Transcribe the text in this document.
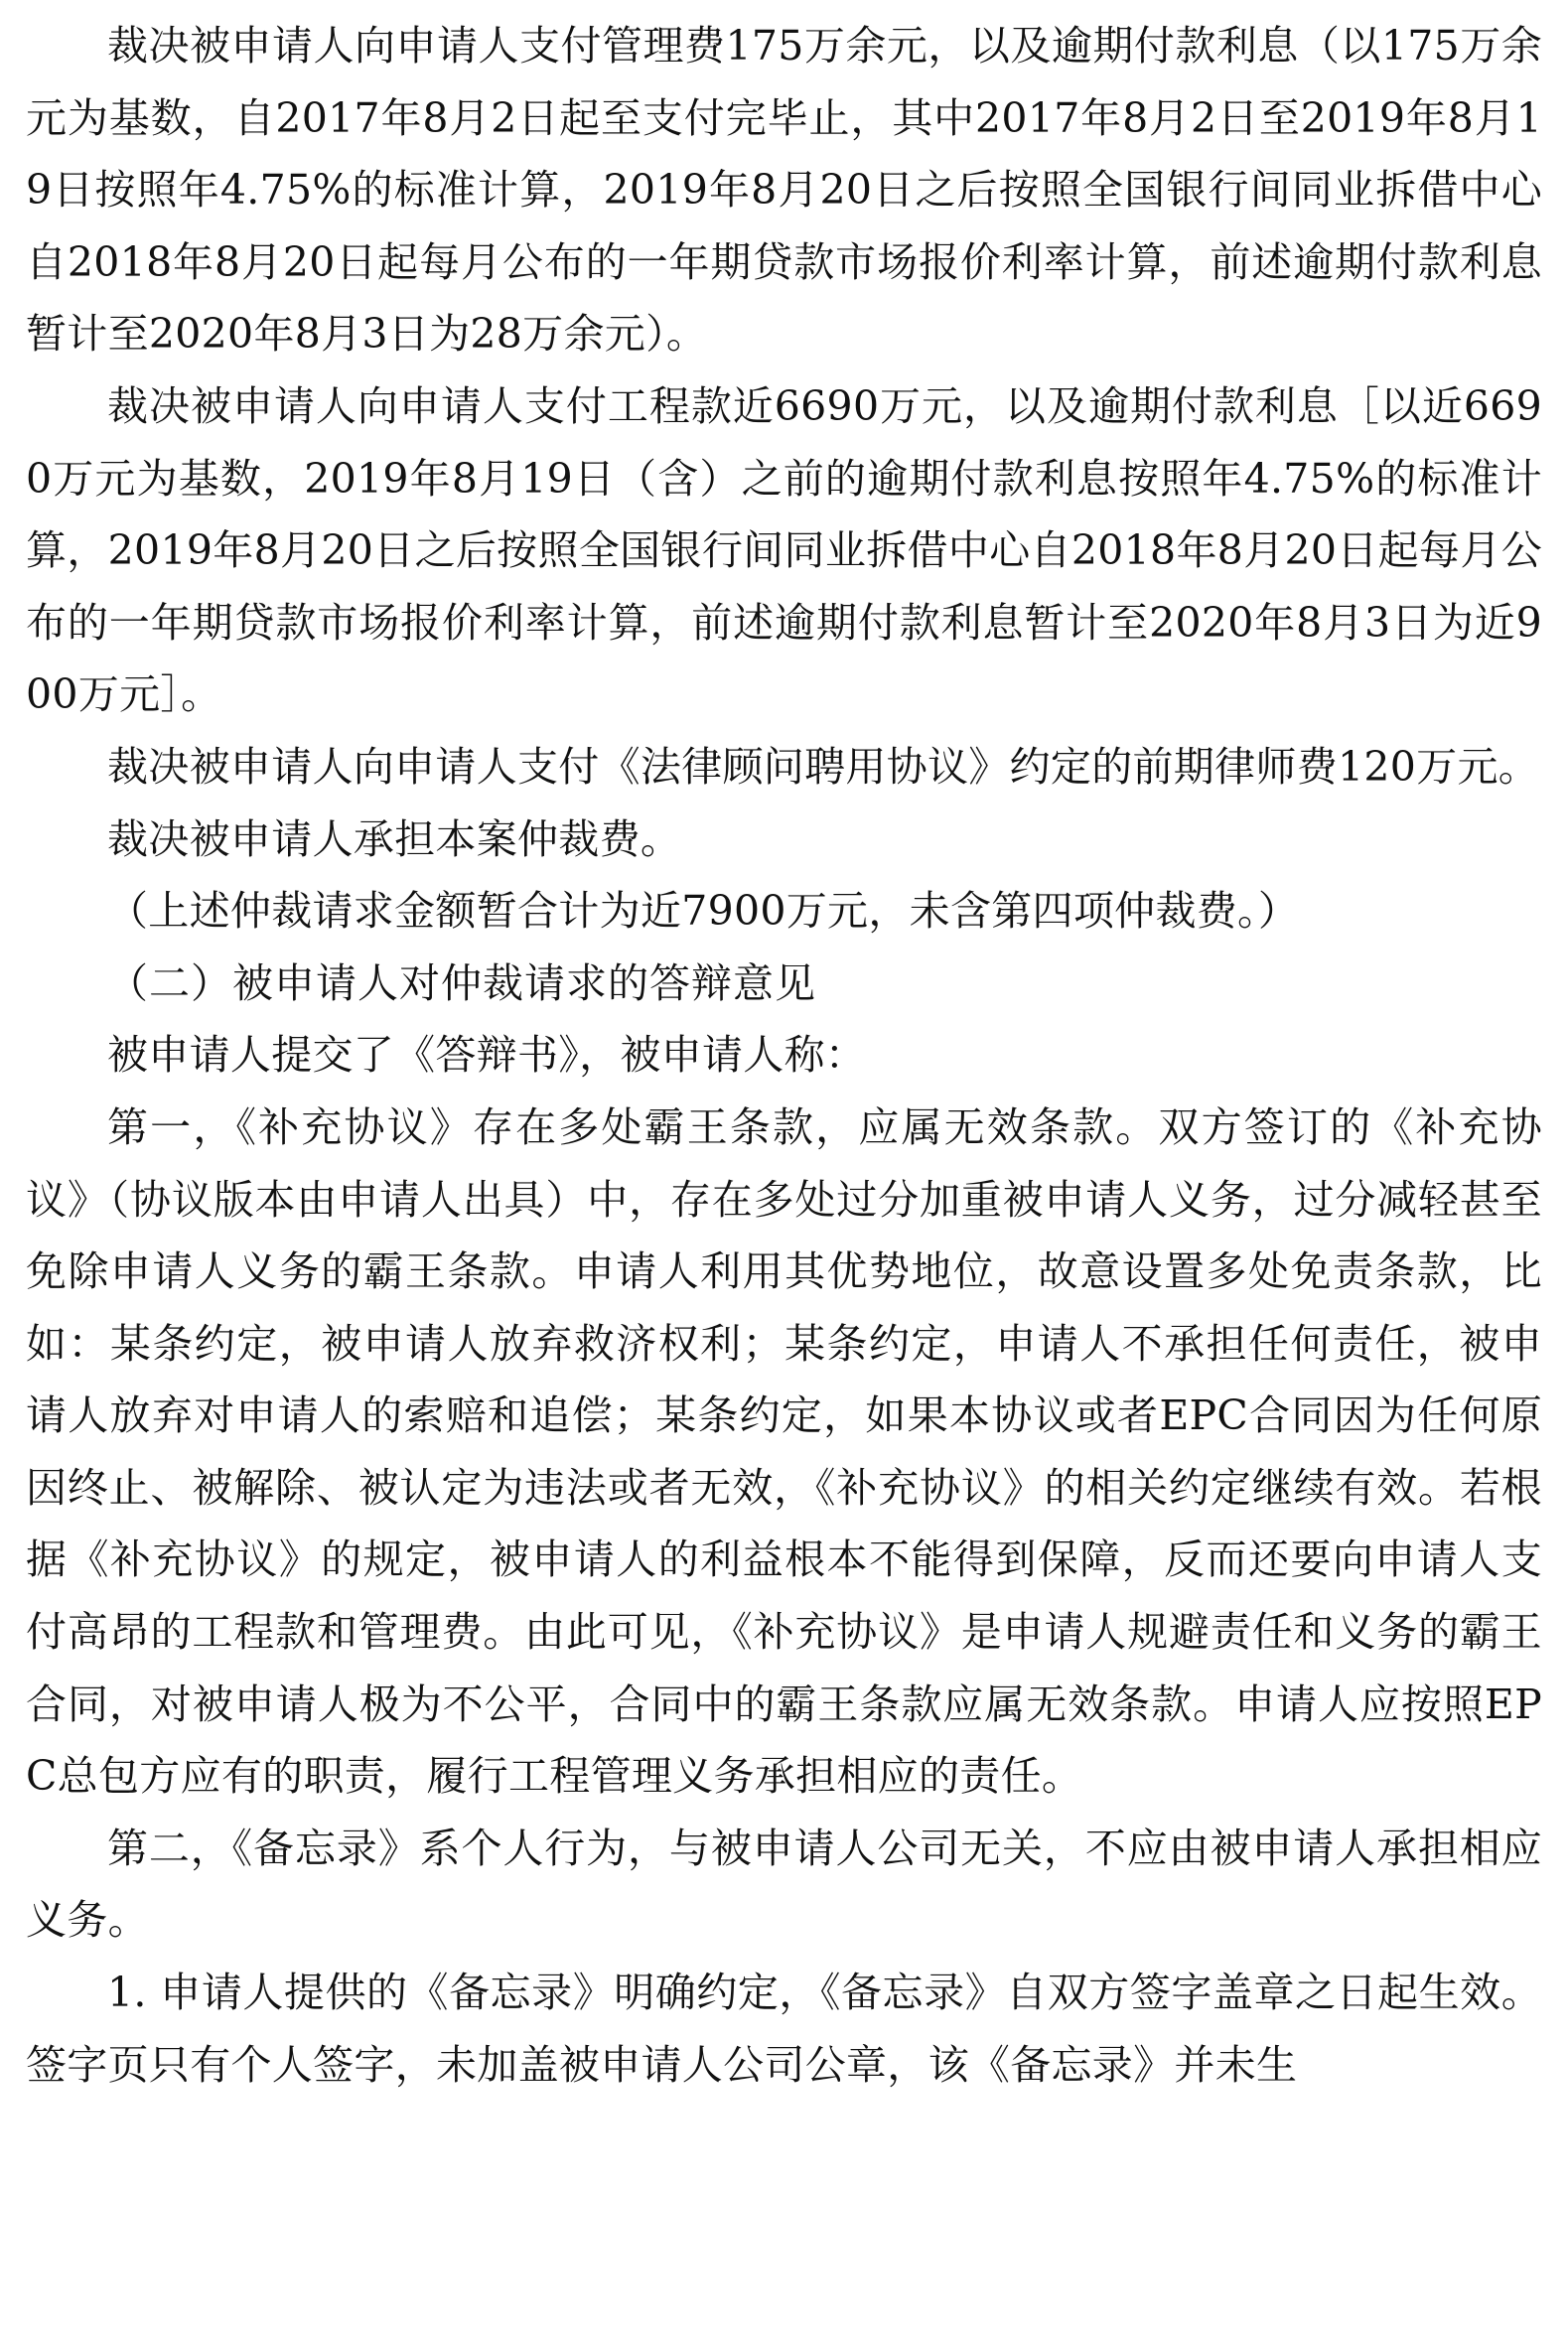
裁决被申请人向申请人支付管理费175万余元，以及逾期付款利息（以175万余元为基数，自2017年8月2日起至支付完毕止，其中2017年8月2日至2019年8月19日按照年4.75%的标准计算，2019年8月20日之后按照全国银行间同业拆借中心自2018年8月20日起每月公布的一年期贷款市场报价利率计算，前述逾期付款利息暂计至2020年8月3日为28万余元）。

裁决被申请人向申请人支付工程款近6690万元，以及逾期付款利息［以近6690万元为基数，2019年8月19日（含）之前的逾期付款利息按照年4.75%的标准计算，2019年8月20日之后按照全国银行间同业拆借中心自2018年8月20日起每月公布的一年期贷款市场报价利率计算，前述逾期付款利息暂计至2020年8月3日为近900万元］。

裁决被申请人向申请人支付《法律顾问聘用协议》约定的前期律师费120万元。

裁决被申请人承担本案仲裁费。

（上述仲裁请求金额暂合计为近7900万元，未含第四项仲裁费。）

（二）被申请人对仲裁请求的答辩意见

被申请人提交了《答辩书》，被申请人称：

第一，《补充协议》存在多处霸王条款，应属无效条款。双方签订的《补充协议》（协议版本由申请人出具）中，存在多处过分加重被申请人义务，过分减轻甚至免除申请人义务的霸王条款。申请人利用其优势地位，故意设置多处免责条款，比如：某条约定，被申请人放弃救济权利；某条约定，申请人不承担任何责任，被申请人放弃对申请人的索赔和追偿；某条约定，如果本协议或者EPC合同因为任何原因终止、被解除、被认定为违法或者无效，《补充协议》的相关约定继续有效。若根据《补充协议》的规定，被申请人的利益根本不能得到保障，反而还要向申请人支付高昂的工程款和管理费。由此可见，《补充协议》是申请人规避责任和义务的霸王合同，对被申请人极为不公平，合同中的霸王条款应属无效条款。申请人应按照EPC总包方应有的职责，履行工程管理义务承担相应的责任。

第二，《备忘录》系个人行为，与被申请人公司无关，不应由被申请人承担相应义务。

1. 申请人提供的《备忘录》明确约定，《备忘录》自双方签字盖章之日起生效。签字页只有个人签字，未加盖被申请人公司公章，该《备忘录》并未生
